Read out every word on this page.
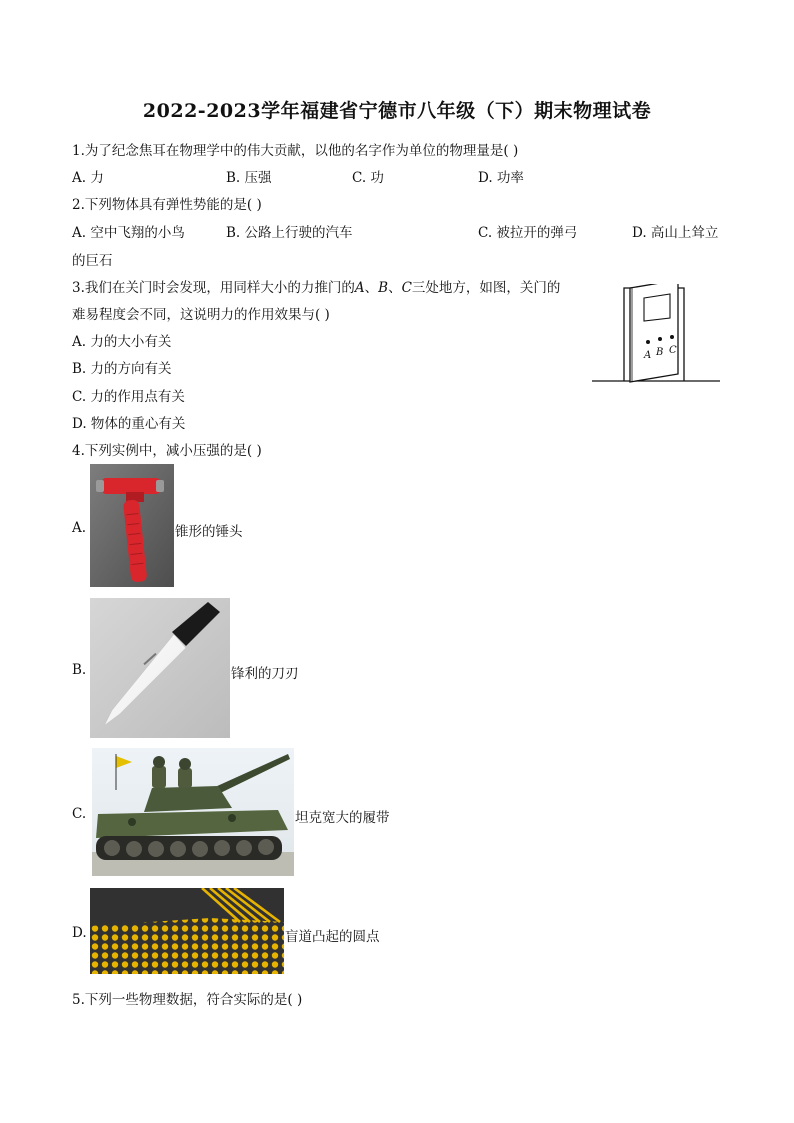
2022-2023学年福建省宁德市八年级（下）期末物理试卷
1.为了纪念焦耳在物理学中的伟大贡献，以他的名字作为单位的物理量是( )
A. 力	B. 压强	C. 功	D. 功率
2.下列物体具有弹性势能的是( )
A. 空中飞翔的小鸟	B. 公路上行驶的汽车	C. 被拉开的弹弓	D. 高山上耸立
的巨石
3.我们在关门时会发现，用同样大小的力推门的A、B、C三处地方，如图，关门的
难易程度会不同，这说明力的作用效果与( )
A. 力的大小有关
B. 力的方向有关
C. 力的作用点有关
D. 物体的重心有关
A B C
4.下列实例中，减小压强的是( )
A.	锥形的锤头
B.	锋利的刀刃
C.	坦克宽大的履带
D.	盲道凸起的圆点
5.下列一些物理数据，符合实际的是( )
